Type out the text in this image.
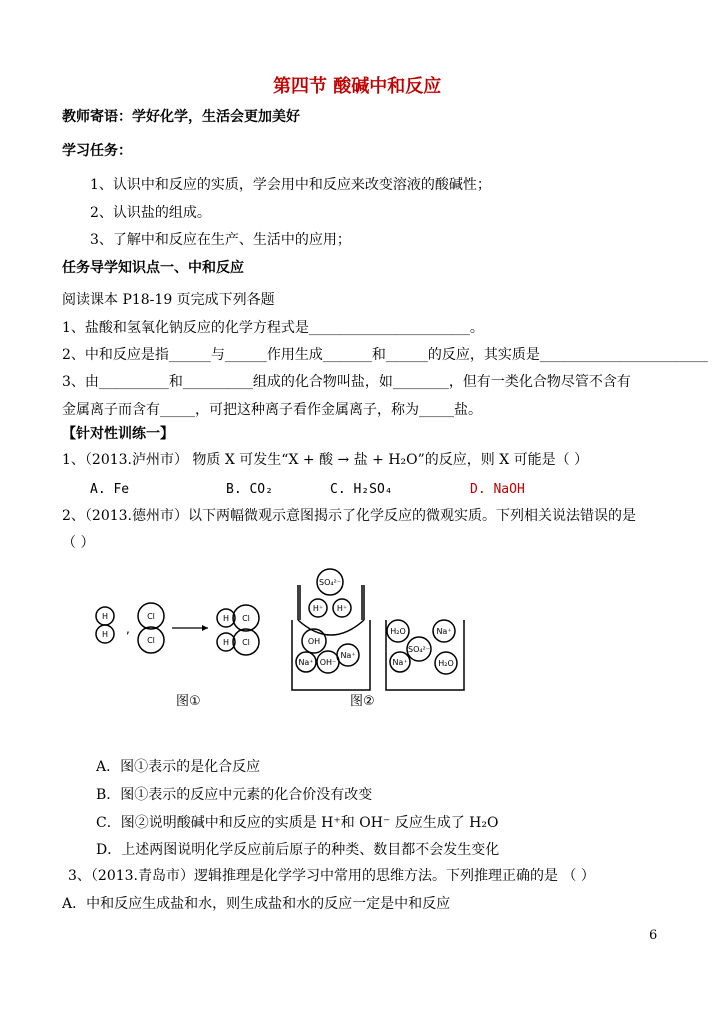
第四节 酸碱中和反应
教师寄语：学好化学，生活会更加美好
学习任务：
1、认识中和反应的实质，学会用中和反应来改变溶液的酸碱性；
2、认识盐的组成。
3、了解中和反应在生产、生活中的应用；
任务导学知识点一、中和反应
阅读课本 P18-19 页完成下列各题
1、盐酸和氢氧化钠反应的化学方程式是_______________________。
2、中和反应是指______与______作用生成_______和______的反应，其实质是________________________
3、由__________和__________组成的化合物叫盐，如________，但有一类化合物尽管不含有
金属离子而含有_____，可把这种离子看作金属离子，称为_____盐。
【针对性训练一】
1、（2013.泸州市） 物质 X 可发生“X + 酸 → 盐 + H₂O”的反应，则 X 可能是（ ）
A. Fe	B. CO₂	C. H₂SO₄	D. NaOH
2、（2013.德州市）以下两幅微观示意图揭示了化学反应的微观实质。下列相关说法错误的是
（ ）
H
H
Cl
Cl
H Cl
H Cl
SO₄²⁻
H⁺ H⁺
OH
Na⁺ OH⁻
Na⁺
H₂O
SO₄²⁻
Na⁺
Na⁺	H₂O
,
图①	图②
A．图①表示的是化合反应
B．图①表示的反应中元素的化合价没有改变
C．图②说明酸碱中和反应的实质是 H⁺和 OH⁻ 反应生成了 H₂O
D．上述两图说明化学反应前后原子的种类、数目都不会发生变化
3、（2013.青岛市）逻辑推理是化学学习中常用的思维方法。下列推理正确的是 （ ）
A．中和反应生成盐和水，则生成盐和水的反应一定是中和反应
6
